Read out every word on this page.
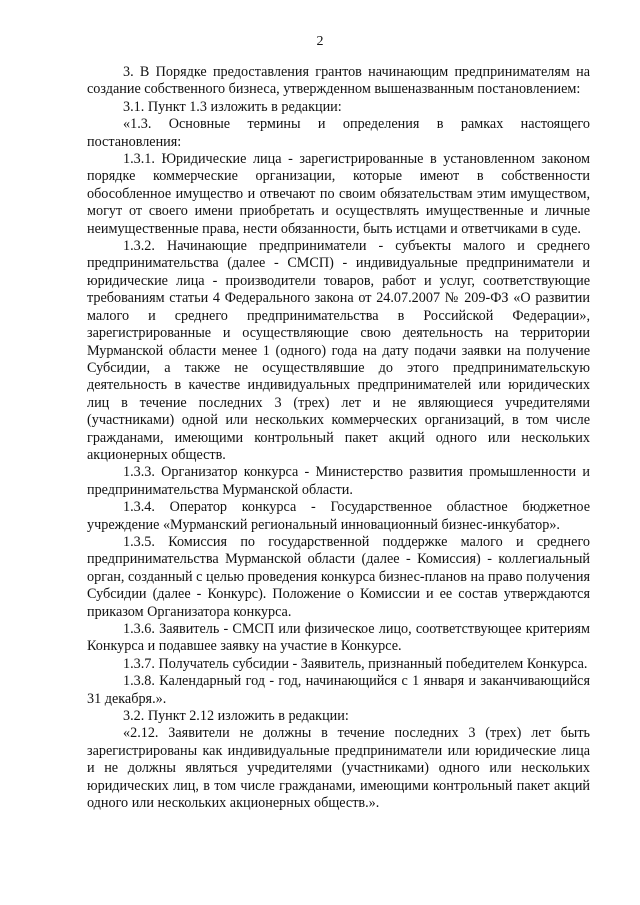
2

3. В Порядке предоставления грантов начинающим предпринимателям на создание собственного бизнеса, утвержденном вышеназванным постановлением:

3.1. Пункт 1.3 изложить в редакции:

«1.3. Основные термины и определения в рамках настоящего постановления:

1.3.1. Юридические лица - зарегистрированные в установленном законом порядке коммерческие организации, которые имеют в собственности обособленное имущество и отвечают по своим обязательствам этим имуществом, могут от своего имени приобретать и осуществлять имущественные и личные неимущественные права, нести обязанности, быть истцами и ответчиками в суде.

1.3.2. Начинающие предприниматели - субъекты малого и среднего предпринимательства (далее - СМСП) - индивидуальные предприниматели и юридические лица - производители товаров, работ и услуг, соответствующие требованиям статьи 4 Федерального закона от 24.07.2007 № 209-ФЗ «О развитии малого и среднего предпринимательства в Российской Федерации», зарегистрированные и осуществляющие свою деятельность на территории Мурманской области менее 1 (одного) года на дату подачи заявки на получение Субсидии, а также не осуществлявшие до этого предпринимательскую деятельность в качестве индивидуальных предпринимателей или юридических лиц в течение последних 3 (трех) лет и не являющиеся учредителями (участниками) одной или нескольких коммерческих организаций, в том числе гражданами, имеющими контрольный пакет акций одного или нескольких акционерных обществ.

1.3.3. Организатор конкурса - Министерство развития промышленности и предпринимательства Мурманской области.

1.3.4. Оператор конкурса - Государственное областное бюджетное учреждение «Мурманский региональный инновационный бизнес-инкубатор».

1.3.5. Комиссия по государственной поддержке малого и среднего предпринимательства Мурманской области (далее - Комиссия) - коллегиальный орган, созданный с целью проведения конкурса бизнес-планов на право получения Субсидии (далее - Конкурс). Положение о Комиссии и ее состав утверждаются приказом Организатора конкурса.

1.3.6. Заявитель - СМСП или физическое лицо, соответствующее критериям Конкурса и подавшее заявку на участие в Конкурсе.

1.3.7. Получатель субсидии - Заявитель, признанный победителем Конкурса.

1.3.8. Календарный год - год, начинающийся с 1 января и заканчивающийся 31 декабря.».

3.2. Пункт 2.12 изложить в редакции:

«2.12. Заявители не должны в течение последних 3 (трех) лет быть зарегистрированы как индивидуальные предприниматели или юридические лица и не должны являться учредителями (участниками) одного или нескольких юридических лиц, в том числе гражданами, имеющими контрольный пакет акций одного или нескольких акционерных обществ.».
